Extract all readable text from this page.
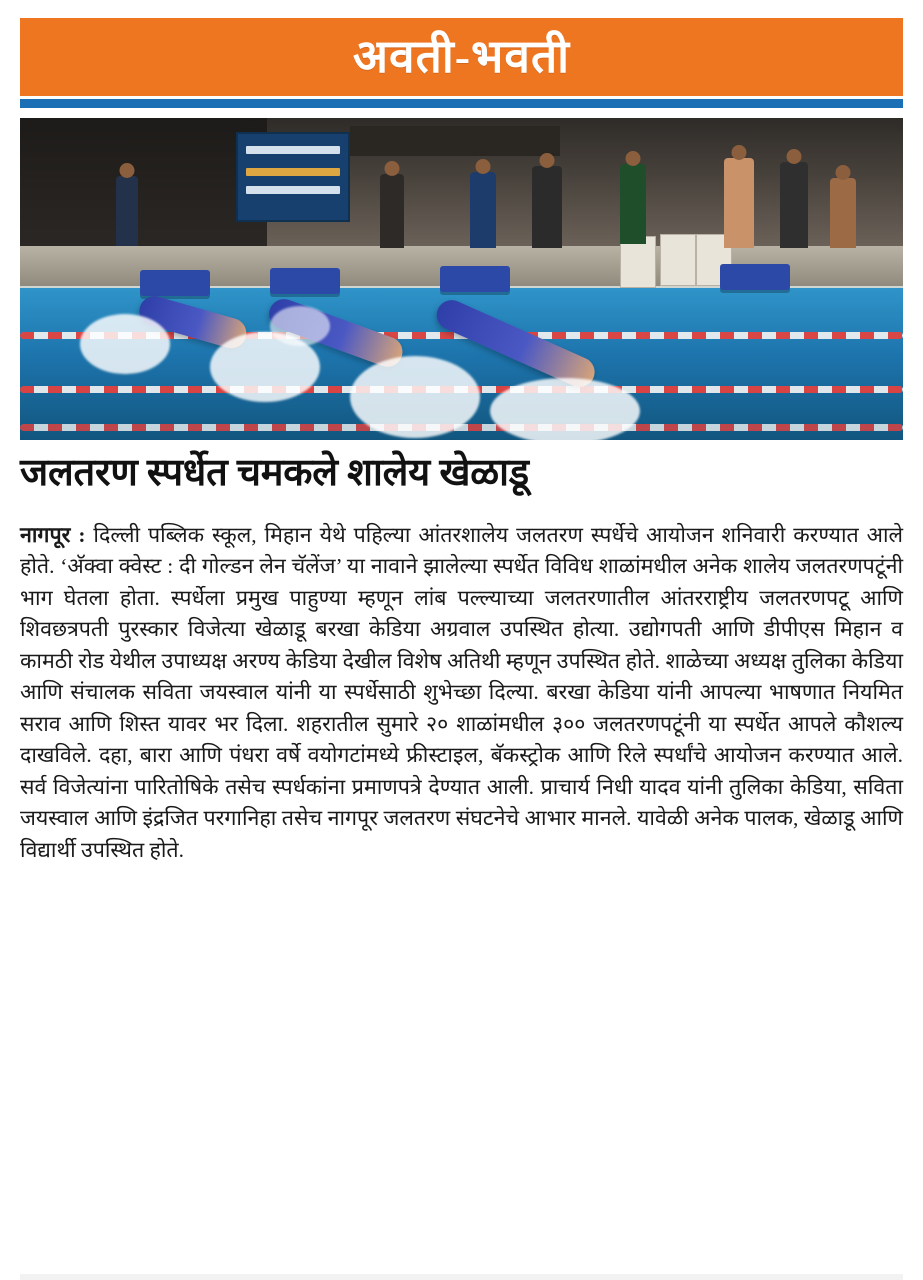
अवती-भवती
जलतरण स्पर्धेत चमकले शालेय खेळाडू
नागपूर : दिल्ली पब्लिक स्कूल, मिहान येथे पहिल्या आंतरशालेय जलतरण स्पर्धेचे आयोजन शनिवारी करण्यात आले होते. ‘अ‍ॅक्वा क्वेस्ट : दी गोल्डन लेन चॅलेंज’ या नावाने झालेल्या स्पर्धेत विविध शाळांमधील अनेक शालेय जलतरणपटूंनी भाग घेतला होता. स्पर्धेला प्रमुख पाहुण्या म्हणून लांब पल्ल्याच्या जलतरणातील आंतरराष्ट्रीय जलतरणपटू आणि शिवछत्रपती पुरस्कार विजेत्या खेळाडू बरखा केडिया अग्रवाल उपस्थित होत्या. उद्योगपती आणि डीपीएस मिहान व कामठी रोड येथील उपाध्यक्ष अरण्य केडिया देखील विशेष अतिथी म्हणून उपस्थित होते. शाळेच्या अध्यक्ष तुलिका केडिया आणि संचालक सविता जयस्वाल यांनी या स्पर्धेसाठी शुभेच्छा दिल्या. बरखा केडिया यांनी आपल्या भाषणात नियमित सराव आणि शिस्त यावर भर दिला. शहरातील सुमारे २० शाळांमधील ३०० जलतरणपटूंनी या स्पर्धेत आपले कौशल्य दाखविले. दहा, बारा आणि पंधरा वर्षे वयोगटांमध्ये फ्रीस्टाइल, बॅकस्ट्रोक आणि रिले स्पर्धांचे आयोजन करण्यात आले. सर्व विजेत्यांना पारितोषिके तसेच स्पर्धकांना प्रमाणपत्रे देण्यात आली. प्राचार्य निधी यादव यांनी तुलिका केडिया, सविता जयस्वाल आणि इंद्रजित परगानिहा तसेच नागपूर जलतरण संघटनेचे आभार मानले. यावेळी अनेक पालक, खेळाडू आणि विद्यार्थी उपस्थित होते.
